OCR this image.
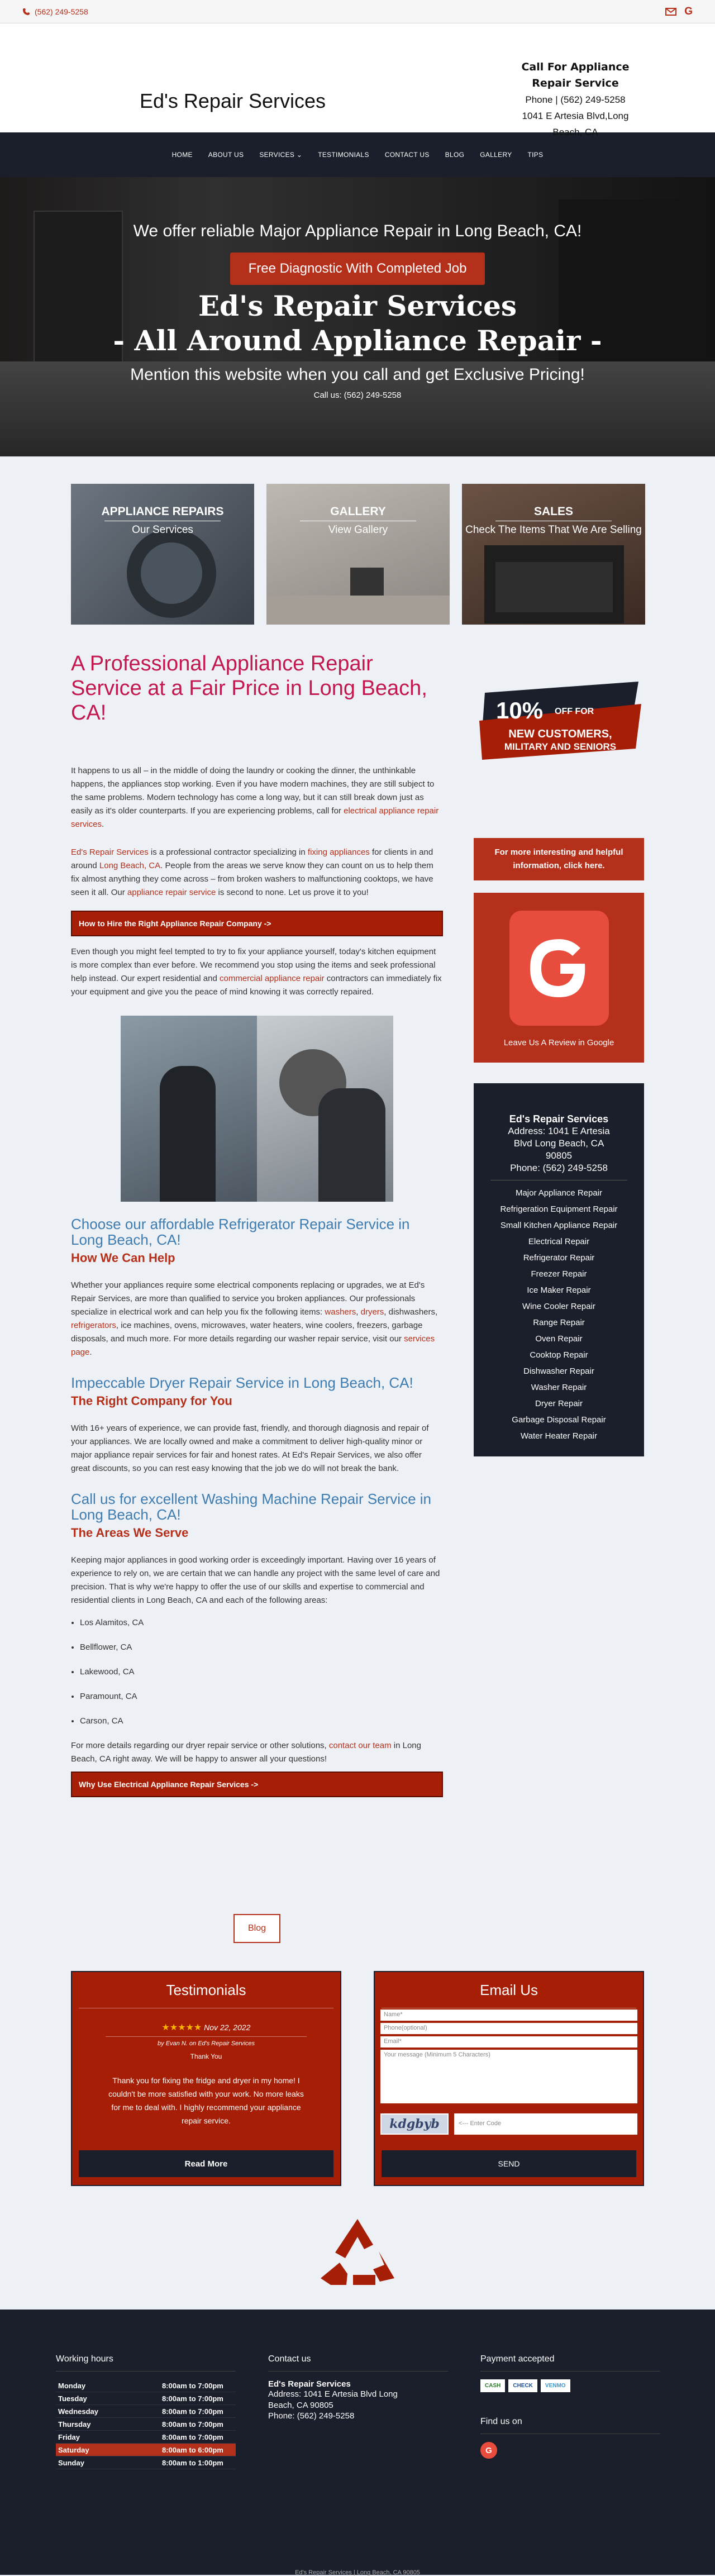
(562) 249-5258	G
Ed's Repair Services
Call For Appliance Repair Service
Phone | (562) 249-5258
1041 E Artesia Blvd,Long Beach, CA
HOME ABOUT US SERVICES ⌄ TESTIMONIALS CONTACT US BLOG GALLERY TIPS
We offer reliable Major Appliance Repair in Long Beach, CA!
Free Diagnostic With Completed Job
Ed's Repair Services
- All Around Appliance Repair -
Mention this website when you call and get Exclusive Pricing!
Call us: (562) 249-5258
APPLIANCE REPAIRS
Our Services
GALLERY
View Gallery
SALES
Check The Items That We Are Selling
A Professional Appliance Repair Service at a Fair Price in Long Beach, CA!

It happens to us all – in the middle of doing the laundry or cooking the dinner, the unthinkable happens, the appliances stop working. Even if you have modern machines, they are still subject to the same problems. Modern technology has come a long way, but it can still break down just as easily as it's older counterparts. If you are experiencing problems, call for electrical appliance repair services.

Ed's Repair Services is a professional contractor specializing in fixing appliances for clients in and around Long Beach, CA. People from the areas we serve know they can count on us to help them fix almost anything they come across – from broken washers to malfunctioning cooktops, we have seen it all. Our appliance repair service is second to none. Let us prove it to you!

How to Hire the Right Appliance Repair Company ->

Even though you might feel tempted to try to fix your appliance yourself, today's kitchen equipment is more complex than ever before. We recommend you stop using the items and seek professional help instead. Our expert residential and commercial appliance repair contractors can immediately fix your equipment and give you the peace of mind knowing it was correctly repaired.

Choose our affordable Refrigerator Repair Service in Long Beach, CA!
How We Can Help

Whether your appliances require some electrical components replacing or upgrades, we at Ed's Repair Services, are more than qualified to service you broken appliances. Our professionals specialize in electrical work and can help you fix the following items: washers, dryers, dishwashers, refrigerators, ice machines, ovens, microwaves, water heaters, wine coolers, freezers, garbage disposals, and much more. For more details regarding our washer repair service, visit our services page.

Impeccable Dryer Repair Service in Long Beach, CA!
The Right Company for You

With 16+ years of experience, we can provide fast, friendly, and thorough diagnosis and repair of your appliances. We are locally owned and make a commitment to deliver high-quality minor or major appliance repair services for fair and honest rates. At Ed's Repair Services, we also offer great discounts, so you can rest easy knowing that the job we do will not break the bank.

Call us for excellent Washing Machine Repair Service in Long Beach, CA!
The Areas We Serve

Keeping major appliances in good working order is exceedingly important. Having over 16 years of experience to rely on, we are certain that we can handle any project with the same level of care and precision. That is why we're happy to offer the use of our skills and expertise to commercial and residential clients in Long Beach, CA and each of the following areas:

• Los Alamitos, CA
• Bellflower, CA
• Lakewood, CA
• Paramount, CA
• Carson, CA

For more details regarding our dryer repair service or other solutions, contact our team in Long Beach, CA right away. We will be happy to answer all your questions!

Why Use Electrical Appliance Repair Services ->
10% OFF FOR
NEW CUSTOMERS,
MILITARY AND SENIORS
For more interesting and helpful information, click here.
Leave Us A Review in Google
Ed's Repair Services
Address: 1041 E Artesia Blvd Long Beach, CA 90805
Phone: (562) 249-5258
Major Appliance Repair
Refrigeration Equipment Repair
Small Kitchen Appliance Repair
Electrical Repair
Refrigerator Repair
Freezer Repair
Ice Maker Repair
Wine Cooler Repair
Range Repair
Oven Repair
Cooktop Repair
Dishwasher Repair
Washer Repair
Dryer Repair
Garbage Disposal Repair
Water Heater Repair
Blog
Testimonials
★★★★★ Nov 22, 2022
by Evan N. on Ed's Repair Services
Thank You
Thank you for fixing the fridge and dryer in my home! I couldn't be more satisfied with your work. No more leaks for me to deal with. I highly recommend your appliance repair service.
Read More
Email Us
Name*
Phone(optional)
Email*
Your message (Minimum 5 Characters)
kdgbyb	<--- Enter Code
SEND
Working hours
Monday	8:00am to 7:00pm
Tuesday	8:00am to 7:00pm
Wednesday	8:00am to 7:00pm
Thursday	8:00am to 7:00pm
Friday	8:00am to 7:00pm
Saturday	8:00am to 6:00pm
Sunday	8:00am to 1:00pm
Contact us
Ed's Repair Services
Address: 1041 E Artesia Blvd Long Beach, CA 90805
Phone: (562) 249-5258
Payment accepted
CASH	CHECK	VENMO
Find us on
G
Ed's Repair Services | Long Beach, CA 90805
